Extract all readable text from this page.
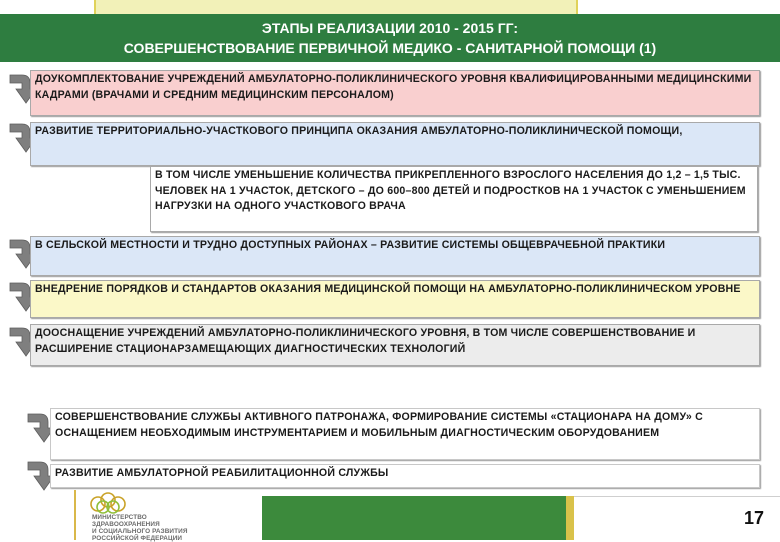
ЭТАПЫ РЕАЛИЗАЦИИ 2010 - 2015 ГГ:
СОВЕРШЕНСТВОВАНИЕ ПЕРВИЧНОЙ МЕДИКО - САНИТАРНОЙ ПОМОЩИ (1)
ДОУКОМПЛЕКТОВАНИЕ УЧРЕЖДЕНИЙ АМБУЛАТОРНО-ПОЛИКЛИНИЧЕСКОГО УРОВНЯ КВАЛИФИЦИРОВАННЫМИ МЕДИЦИНСКИМИ КАДРАМИ (ВРАЧАМИ И СРЕДНИМ МЕДИЦИНСКИМ ПЕРСОНАЛОМ)
РАЗВИТИЕ ТЕРРИТОРИАЛЬНО-УЧАСТКОВОГО ПРИНЦИПА ОКАЗАНИЯ АМБУЛАТОРНО-ПОЛИКЛИНИЧЕСКОЙ ПОМОЩИ,
В ТОМ ЧИСЛЕ УМЕНЬШЕНИЕ КОЛИЧЕСТВА ПРИКРЕПЛЕННОГО ВЗРОСЛОГО НАСЕЛЕНИЯ ДО 1,2 – 1,5 ТЫС. ЧЕЛОВЕК НА 1 УЧАСТОК, ДЕТСКОГО – ДО 600–800 ДЕТЕЙ И ПОДРОСТКОВ НА 1 УЧАСТОК С УМЕНЬШЕНИЕМ НАГРУЗКИ НА ОДНОГО УЧАСТКОВОГО ВРАЧА
В СЕЛЬСКОЙ МЕСТНОСТИ И ТРУДНО ДОСТУПНЫХ РАЙОНАХ – РАЗВИТИЕ СИСТЕМЫ ОБЩЕВРАЧЕБНОЙ ПРАКТИКИ
ВНЕДРЕНИЕ ПОРЯДКОВ И СТАНДАРТОВ ОКАЗАНИЯ МЕДИЦИНСКОЙ ПОМОЩИ НА АМБУЛАТОРНО-ПОЛИКЛИНИЧЕСКОМ УРОВНЕ
ДООСНАЩЕНИЕ УЧРЕЖДЕНИЙ АМБУЛАТОРНО-ПОЛИКЛИНИЧЕСКОГО УРОВНЯ, В ТОМ ЧИСЛЕ СОВЕРШЕНСТВОВАНИЕ И РАСШИРЕНИЕ СТАЦИОНАРЗАМЕЩАЮЩИХ ДИАГНОСТИЧЕСКИХ ТЕХНОЛОГИЙ
СОВЕРШЕНСТВОВАНИЕ СЛУЖБЫ АКТИВНОГО ПАТРОНАЖА, ФОРМИРОВАНИЕ СИСТЕМЫ «СТАЦИОНАРА НА ДОМУ» С ОСНАЩЕНИЕМ НЕОБХОДИМЫМ ИНСТРУМЕНТАРИЕМ И МОБИЛЬНЫМ ДИАГНОСТИЧЕСКИМ ОБОРУДОВАНИЕМ
РАЗВИТИЕ АМБУЛАТОРНОЙ РЕАБИЛИТАЦИОННОЙ СЛУЖБЫ
МИНИСТЕРСТВО
ЗДРАВООХРАНЕНИЯ
И СОЦИАЛЬНОГО РАЗВИТИЯ
РОССИЙСКОЙ ФЕДЕРАЦИИ
17
